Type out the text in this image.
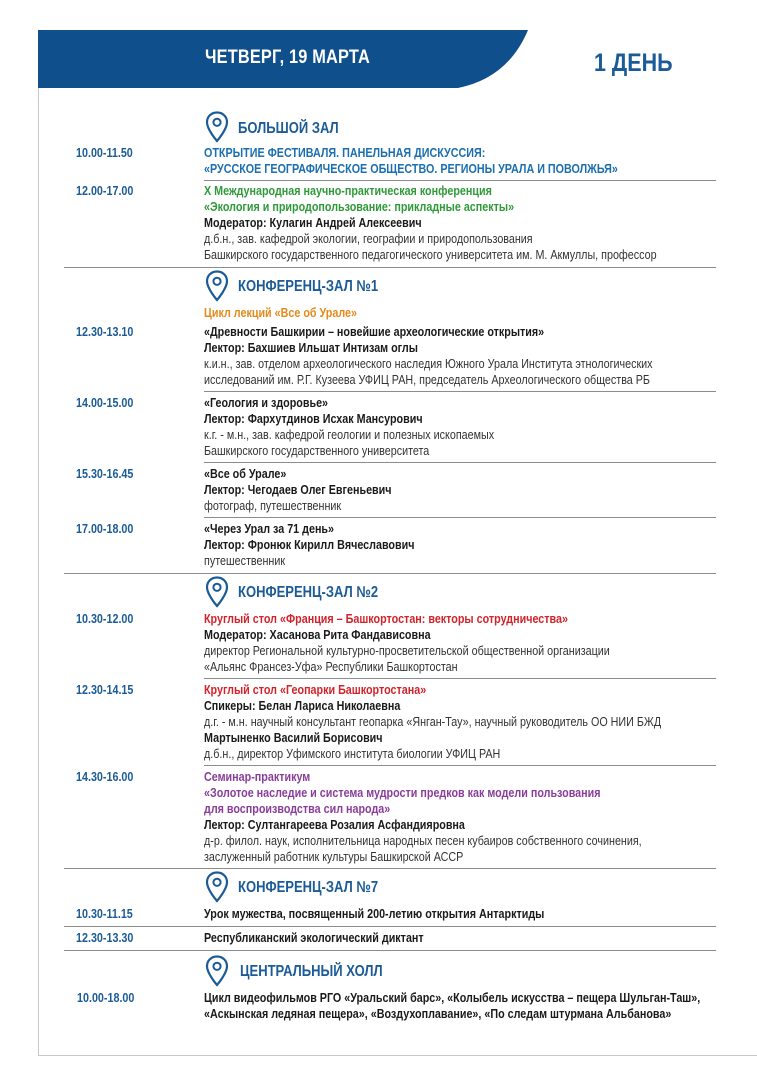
ЧЕТВЕРГ, 19 МАРТА	1 ДЕНЬ
БОЛЬШОЙ ЗАЛ
10.00-11.50	ОТКРЫТИЕ ФЕСТИВАЛЯ. ПАНЕЛЬНАЯ ДИСКУССИЯ:
«РУССКОЕ ГЕОГРАФИЧЕСКОЕ ОБЩЕСТВО. РЕГИОНЫ УРАЛА И ПОВОЛЖЬЯ»
12.00-17.00	X Международная научно-практическая конференция
«Экология и природопользование: прикладные аспекты»
Модератор: Кулагин Андрей Алексеевич
д.б.н., зав. кафедрой экологии, географии и природопользования
Башкирского государственного педагогического университета им. М. Акмуллы, профессор
КОНФЕРЕНЦ-ЗАЛ №1
Цикл лекций «Все об Урале»
12.30-13.10	«Древности Башкирии – новейшие археологические открытия»
Лектор: Бахшиев Ильшат Интизам оглы
к.и.н., зав. отделом археологического наследия Южного Урала Института этнологических
исследований им. Р.Г. Кузеева УФИЦ РАН, председатель Археологического общества РБ
14.00-15.00	«Геология и здоровье»
Лектор: Фархутдинов Исхак Мансурович
к.г. - м.н., зав. кафедрой геологии и полезных ископаемых
Башкирского государственного университета
15.30-16.45	«Все об Урале»
Лектор: Чегодаев Олег Евгеньевич
фотограф, путешественник
17.00-18.00	«Через Урал за 71 день»
Лектор: Фронюк Кирилл Вячеславович
путешественник
КОНФЕРЕНЦ-ЗАЛ №2
10.30-12.00	Круглый стол «Франция – Башкортостан: векторы сотрудничества»
Модератор: Хасанова Рита Фандависовна
директор Региональной культурно-просветительской общественной организации
«Альянс Франсез-Уфа» Республики Башкортостан
12.30-14.15	Круглый стол «Геопарки Башкортостана»
Спикеры: Белан Лариса Николаевна
д.г. - м.н. научный консультант геопарка «Янган-Тау», научный руководитель ОО НИИ БЖД
Мартыненко Василий Борисович
д.б.н., директор Уфимского института биологии УФИЦ РАН
14.30-16.00	Семинар-практикум
«Золотое наследие и система мудрости предков как модели пользования
для воспроизводства сил народа»
Лектор: Султангареева Розалия Асфандияровна
д-р. филол. наук, исполнительница народных песен кубаиров собственного сочинения,
заслуженный работник культуры Башкирской АССР
КОНФЕРЕНЦ-ЗАЛ №7
10.30-11.15	Урок мужества, посвященный 200-летию открытия Антарктиды
12.30-13.30	Республиканский экологический диктант
ЦЕНТРАЛЬНЫЙ ХОЛЛ
10.00-18.00	Цикл видеофильмов РГО «Уральский барс», «Колыбель искусства – пещера Шульган-Таш»,
«Аскынская ледяная пещера», «Воздухоплавание», «По следам штурмана Альбанова»
